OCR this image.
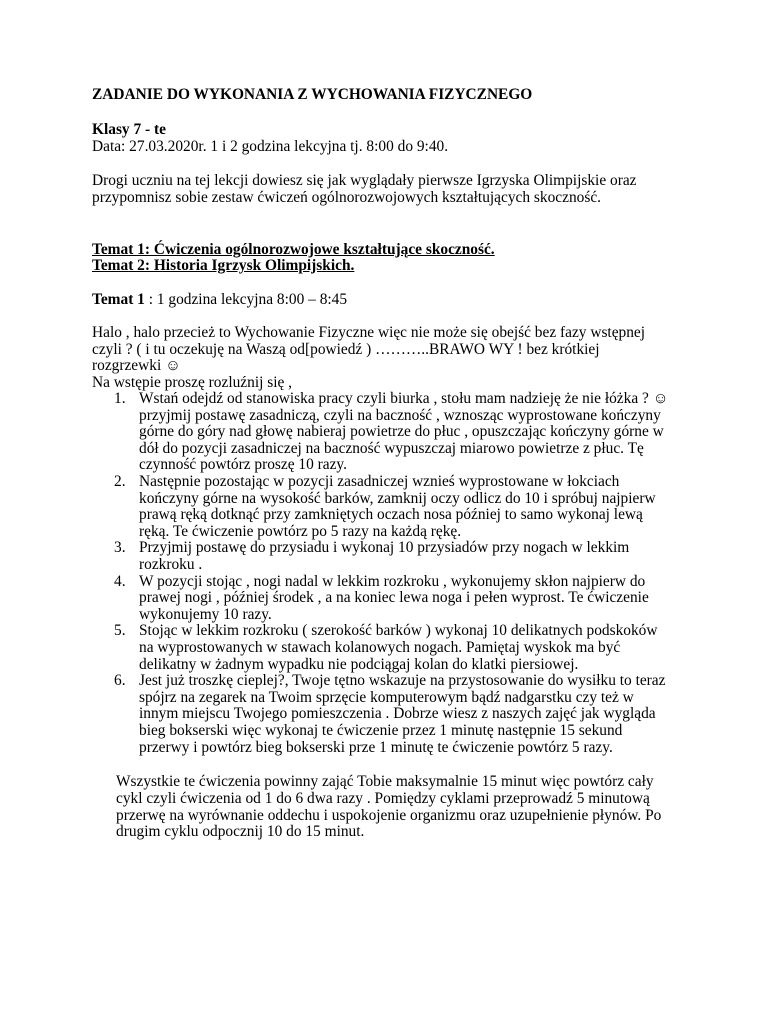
ZADANIE DO WYKONANIA Z WYCHOWANIA FIZYCZNEGO
Klasy 7 - te
Data: 27.03.2020r. 1 i 2 godzina lekcyjna tj. 8:00 do 9:40.
Drogi uczniu na tej lekcji dowiesz się jak wyglądały pierwsze Igrzyska Olimpijskie oraz
przypomnisz sobie zestaw ćwiczeń ogólnorozwojowych kształtujących skoczność.
Temat 1: Ćwiczenia ogólnorozwojowe kształtujące skoczność.
Temat 2: Historia Igrzysk Olimpijskich.
Temat 1 : 1 godzina lekcyjna 8:00 – 8:45
Halo , halo przecież to Wychowanie Fizyczne więc nie może się obejść bez fazy wstępnej
czyli ? ( i tu oczekuję na Waszą od[powiedź ) ………..BRAWO WY ! bez krótkiej
rozgrzewki ☺
Na wstępie proszę rozluźnij się ,
1. Wstań odejdź od stanowiska pracy czyli biurka , stołu mam nadzieję że nie łóżka ? ☺
przyjmij postawę zasadniczą, czyli na baczność , wznosząc wyprostowane kończyny
górne do góry nad głowę nabieraj powietrze do płuc , opuszczając kończyny górne w
dół do pozycji zasadniczej na baczność wypuszczaj miarowo powietrze z płuc. Tę
czynność powtórz proszę 10 razy.
2. Następnie pozostając w pozycji zasadniczej wznieś wyprostowane w łokciach
kończyny górne na wysokość barków, zamknij oczy odlicz do 10 i spróbuj najpierw
prawą ręką dotknąć przy zamkniętych oczach nosa później to samo wykonaj lewą
ręką. Te ćwiczenie powtórz po 5 razy na każdą rękę.
3. Przyjmij postawę do przysiadu i wykonaj 10 przysiadów przy nogach w lekkim
rozkroku .
4. W pozycji stojąc , nogi nadal w lekkim rozkroku , wykonujemy skłon najpierw do
prawej nogi , później środek , a na koniec lewa noga i pełen wyprost. Te ćwiczenie
wykonujemy 10 razy.
5. Stojąc w lekkim rozkroku ( szerokość barków ) wykonaj 10 delikatnych podskoków
na wyprostowanych w stawach kolanowych nogach. Pamiętaj wyskok ma być
delikatny w żadnym wypadku nie podciągaj kolan do klatki piersiowej.
6. Jest już troszkę cieplej?, Twoje tętno wskazuje na przystosowanie do wysiłku to teraz
spójrz na zegarek na Twoim sprzęcie komputerowym bądź nadgarstku czy też w
innym miejscu Twojego pomieszczenia . Dobrze wiesz z naszych zajęć jak wygląda
bieg bokserski więc wykonaj te ćwiczenie przez 1 minutę następnie 15 sekund
przerwy i powtórz bieg bokserski prze 1 minutę te ćwiczenie powtórz 5 razy.
Wszystkie te ćwiczenia powinny zająć Tobie maksymalnie 15 minut więc powtórz cały
cykl czyli ćwiczenia od 1 do 6 dwa razy . Pomiędzy cyklami przeprowadź 5 minutową
przerwę na wyrównanie oddechu i uspokojenie organizmu oraz uzupełnienie płynów. Po
drugim cyklu odpocznij 10 do 15 minut.
